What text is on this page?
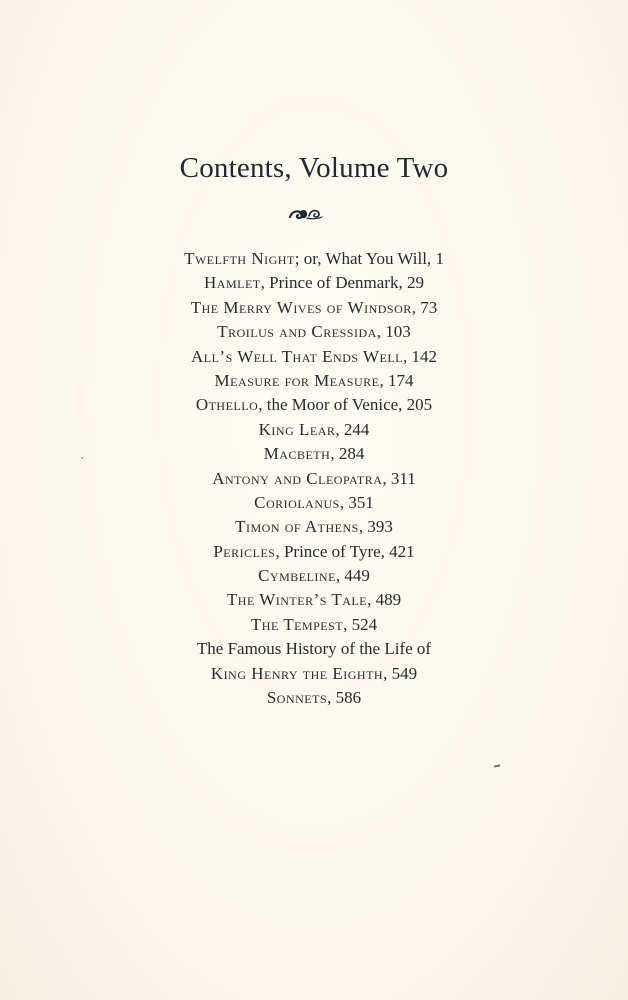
Contents, Volume Two
Twelfth Night; or, What You Will, 1
Hamlet, Prince of Denmark, 29
The Merry Wives of Windsor, 73
Troilus and Cressida, 103
All’s Well That Ends Well, 142
Measure for Measure, 174
Othello, the Moor of Venice, 205
King Lear, 244
Macbeth, 284
Antony and Cleopatra, 311
Coriolanus, 351
Timon of Athens, 393
Pericles, Prince of Tyre, 421
Cymbeline, 449
The Winter’s Tale, 489
The Tempest, 524
The Famous History of the Life of
King Henry the Eighth, 549
Sonnets, 586
